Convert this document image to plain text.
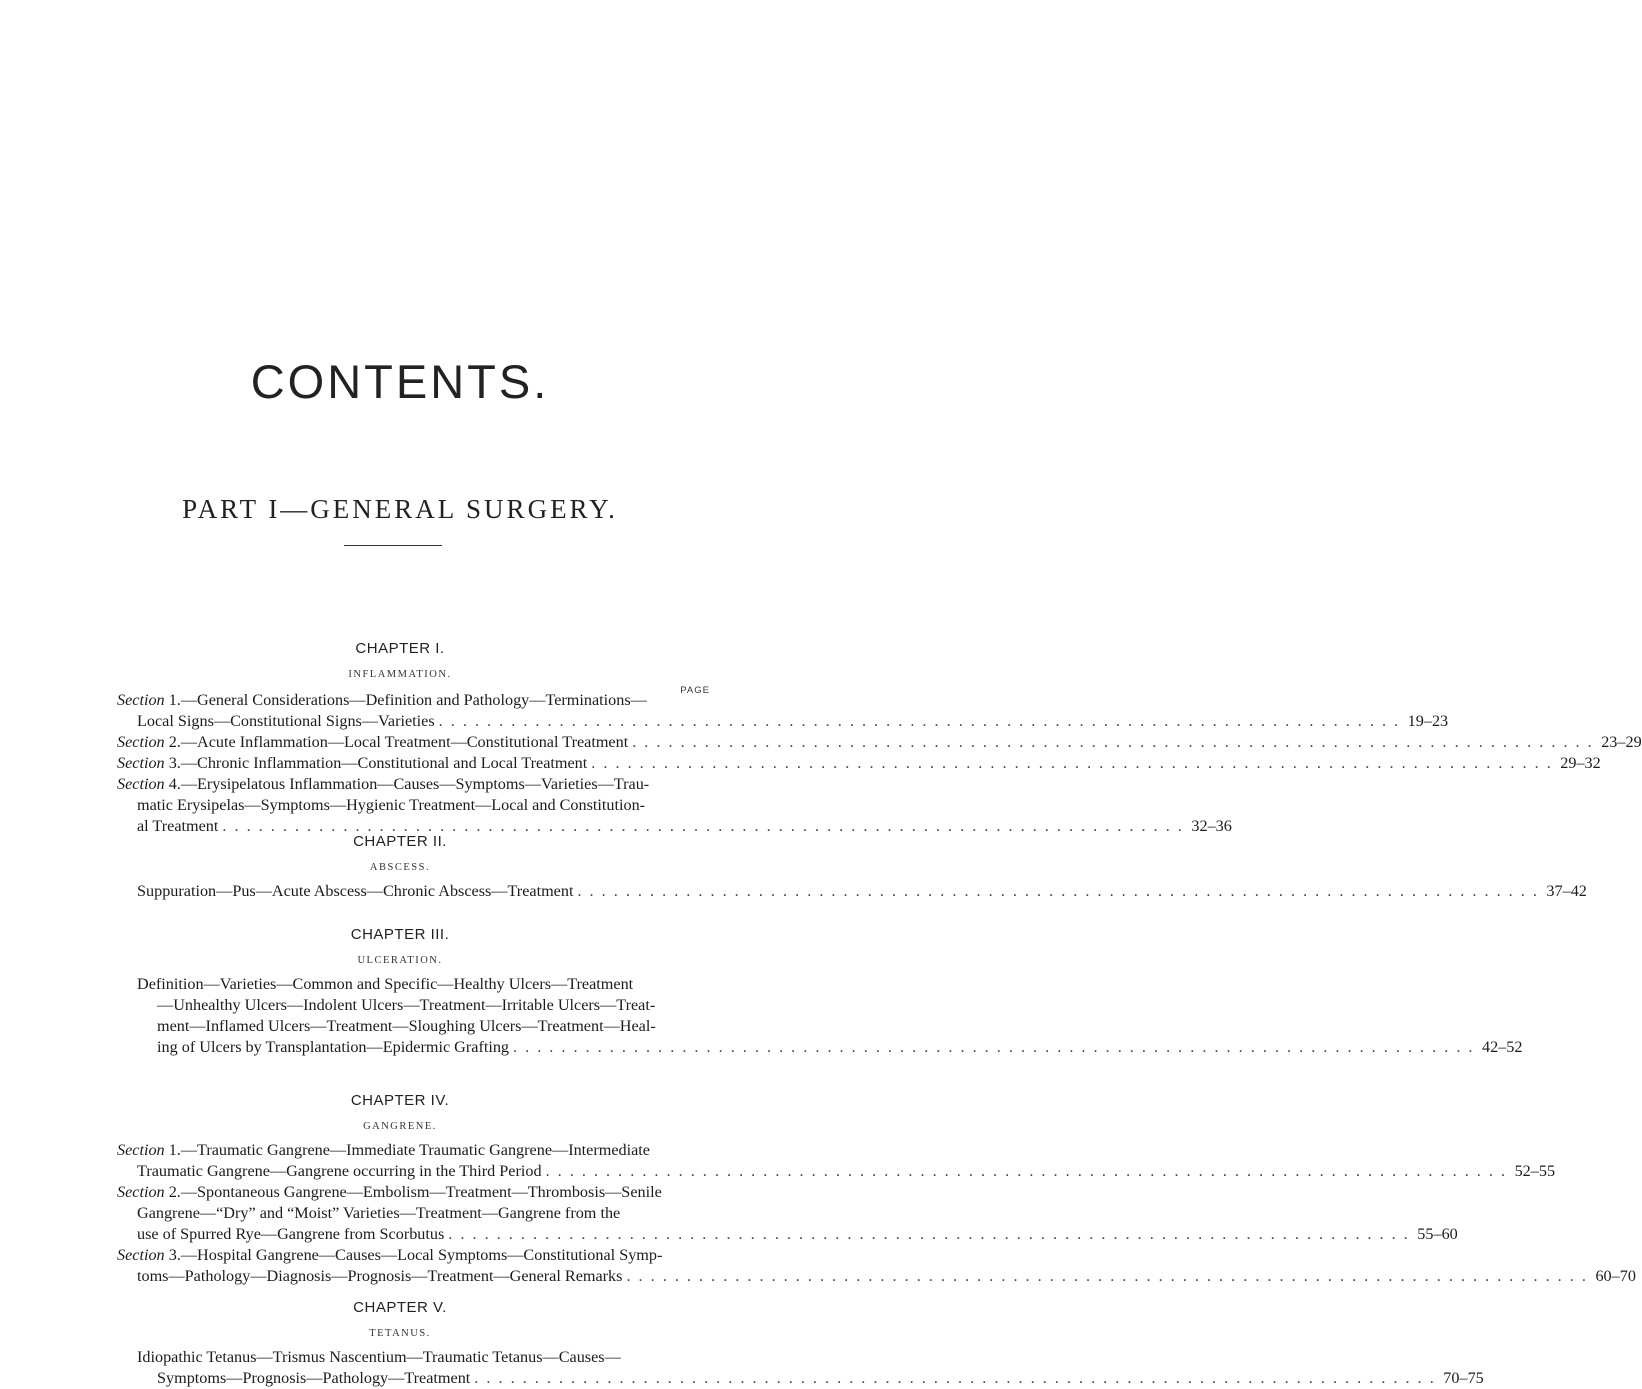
CONTENTS.
PART I—GENERAL SURGERY.
CHAPTER I.
INFLAMMATION.
PAGE
Section 1.—General Considerations—Definition and Pathology—Terminations—
Local Signs—Constitutional Signs—Varieties . . . . . . . . . . . . . . . . . . . . . . . . . . . . . . . . . . . . . . . . . . . . . . . . . . . . . . . . . . . . . . . . . . . . . . . . . . . . . . . . 19–23
Section 2.—Acute Inflammation—Local Treatment—Constitutional Treatment . . . . . . . . . . . . . . . . . . . . . . . . . . . . . . . . . . . . . . . . . . . . . . . . . . . . . . . . . . . . . . . . . . . . . . . . . . . . . . . . 23–29
Section 3.—Chronic Inflammation—Constitutional and Local Treatment . . . . . . . . . . . . . . . . . . . . . . . . . . . . . . . . . . . . . . . . . . . . . . . . . . . . . . . . . . . . . . . . . . . . . . . . . . . . . . . . 29–32
Section 4.—Erysipelatous Inflammation—Causes—Symptoms—Varieties—Trau-
matic Erysipelas—Symptoms—Hygienic Treatment—Local and Constitution-
al Treatment . . . . . . . . . . . . . . . . . . . . . . . . . . . . . . . . . . . . . . . . . . . . . . . . . . . . . . . . . . . . . . . . . . . . . . . . . . . . . . . . 32–36
CHAPTER II.
ABSCESS.
Suppuration—Pus—Acute Abscess—Chronic Abscess—Treatment . . . . . . . . . . . . . . . . . . . . . . . . . . . . . . . . . . . . . . . . . . . . . . . . . . . . . . . . . . . . . . . . . . . . . . . . . . . . . . . . 37–42
CHAPTER III.
ULCERATION.
Definition—Varieties—Common and Specific—Healthy Ulcers—Treatment
—Unhealthy Ulcers—Indolent Ulcers—Treatment—Irritable Ulcers—Treat-
ment—Inflamed Ulcers—Treatment—Sloughing Ulcers—Treatment—Heal-
ing of Ulcers by Transplantation—Epidermic Grafting . . . . . . . . . . . . . . . . . . . . . . . . . . . . . . . . . . . . . . . . . . . . . . . . . . . . . . . . . . . . . . . . . . . . . . . . . . . . . . . . 42–52
CHAPTER IV.
GANGRENE.
Section 1.—Traumatic Gangrene—Immediate Traumatic Gangrene—Intermediate
Traumatic Gangrene—Gangrene occurring in the Third Period . . . . . . . . . . . . . . . . . . . . . . . . . . . . . . . . . . . . . . . . . . . . . . . . . . . . . . . . . . . . . . . . . . . . . . . . . . . . . . . . 52–55
Section 2.—Spontaneous Gangrene—Embolism—Treatment—Thrombosis—Senile
Gangrene—“Dry” and “Moist” Varieties—Treatment—Gangrene from the
use of Spurred Rye—Gangrene from Scorbutus . . . . . . . . . . . . . . . . . . . . . . . . . . . . . . . . . . . . . . . . . . . . . . . . . . . . . . . . . . . . . . . . . . . . . . . . . . . . . . . . 55–60
Section 3.—Hospital Gangrene—Causes—Local Symptoms—Constitutional Symp-
toms—Pathology—Diagnosis—Prognosis—Treatment—General Remarks . . . . . . . . . . . . . . . . . . . . . . . . . . . . . . . . . . . . . . . . . . . . . . . . . . . . . . . . . . . . . . . . . . . . . . . . . . . . . . . . 60–70
CHAPTER V.
TETANUS.
Idiopathic Tetanus—Trismus Nascentium—Traumatic Tetanus—Causes—
Symptoms—Prognosis—Pathology—Treatment . . . . . . . . . . . . . . . . . . . . . . . . . . . . . . . . . . . . . . . . . . . . . . . . . . . . . . . . . . . . . . . . . . . . . . . . . . . . . . . . 70–75
